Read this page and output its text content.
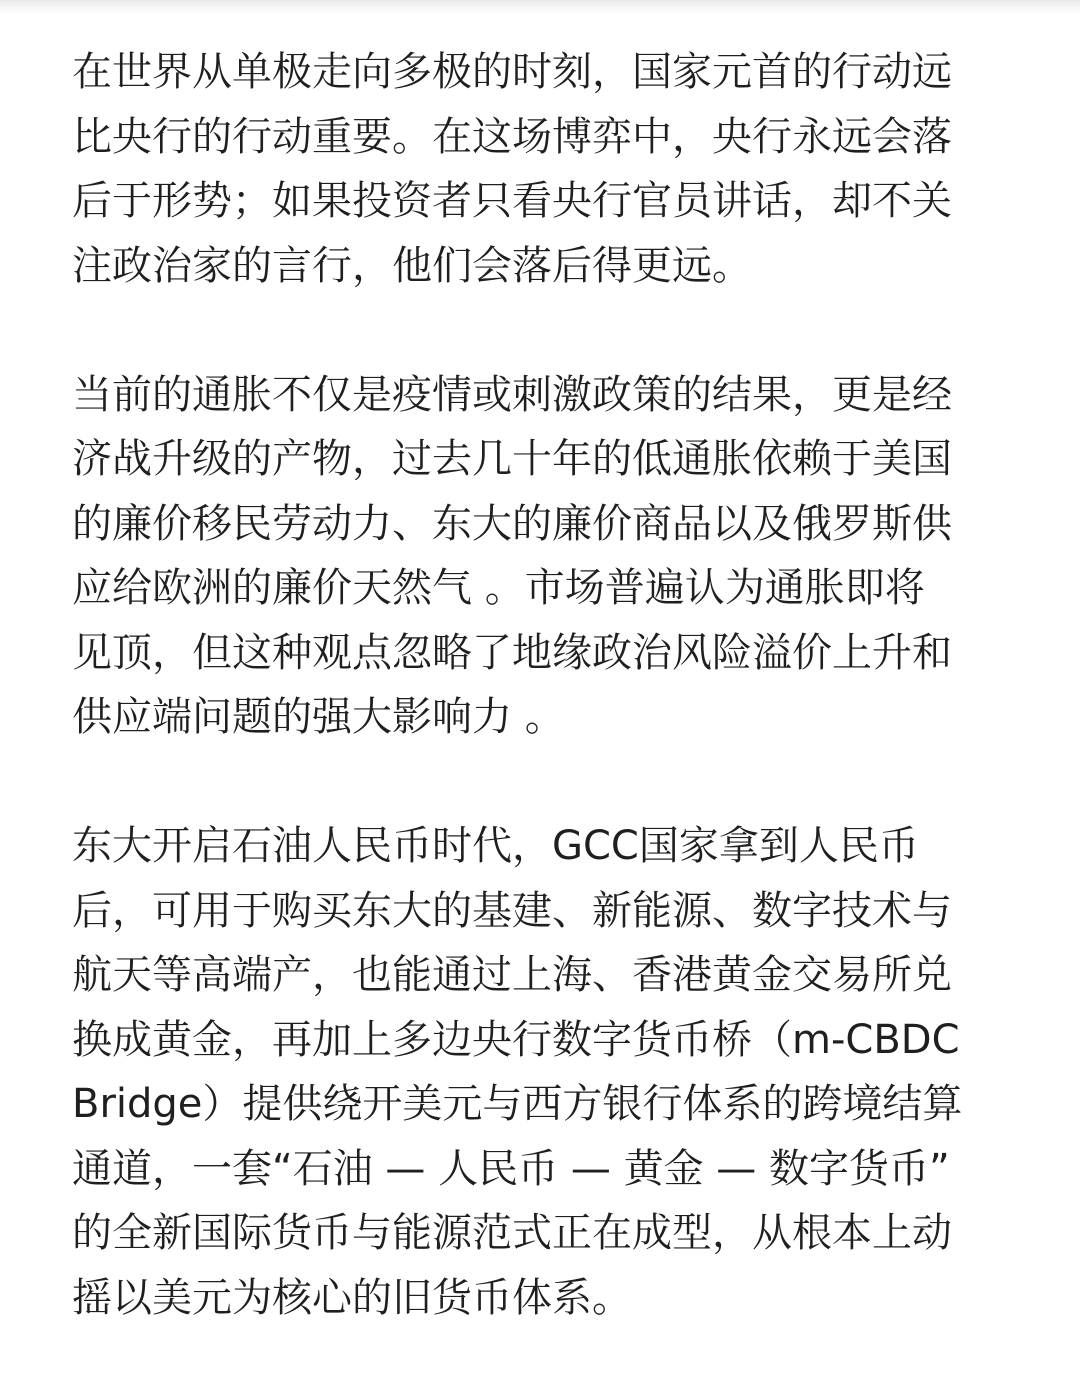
在世界从单极走向多极的时刻，国家元首的行动远
比央行的行动重要。在这场博弈中，央行永远会落
后于形势；如果投资者只看央行官员讲话，却不关
注政治家的言行，他们会落后得更远。

当前的通胀不仅是疫情或刺激政策的结果，更是经
济战升级的产物，过去几十年的低通胀依赖于美国
的廉价移民劳动力、东大的廉价商品以及俄罗斯供
应给欧洲的廉价天然气 。市场普遍认为通胀即将
见顶，但这种观点忽略了地缘政治风险溢价上升和
供应端问题的强大影响力 。

东大开启石油人民币时代，GCC国家拿到人民币
后，可用于购买东大的基建、新能源、数字技术与
航天等高端产，也能通过上海、香港黄金交易所兑
换成黄金，再加上多边央行数字货币桥（m-CBDC
Bridge）提供绕开美元与西方银行体系的跨境结算
通道，一套“石油 — 人民币 — 黄金 — 数字货币”
的全新国际货币与能源范式正在成型，从根本上动
摇以美元为核心的旧货币体系。
